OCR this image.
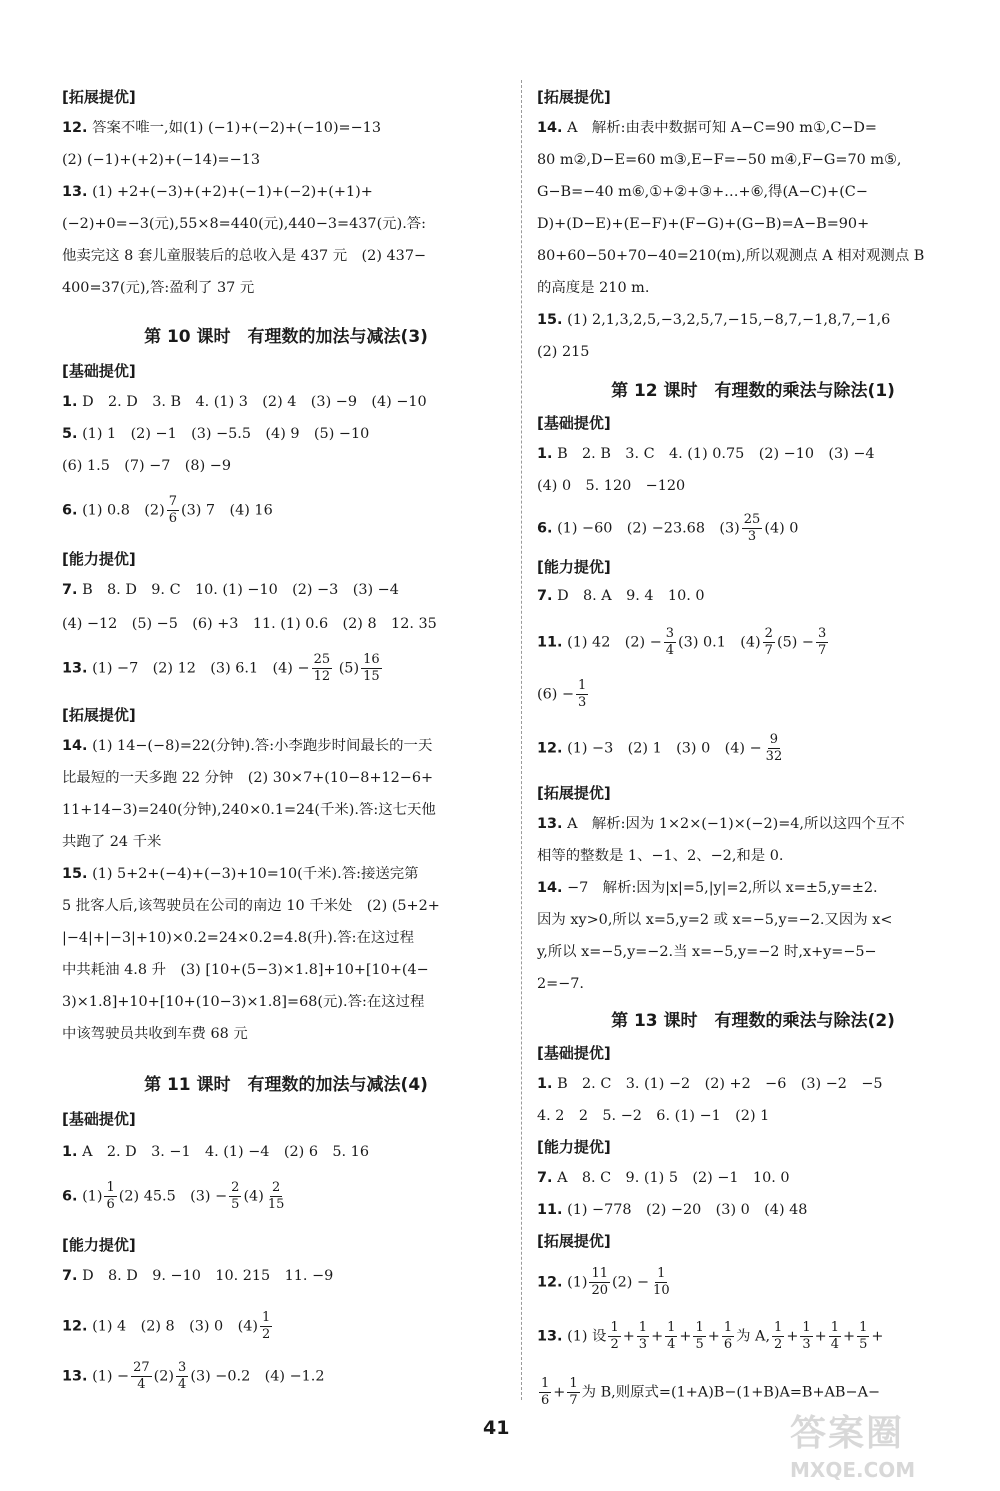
[拓展提优]
12. 答案不唯一,如(1) (−1)+(−2)+(−10)=−13
(2) (−1)+(+2)+(−14)=−13
13. (1) +2+(−3)+(+2)+(−1)+(−2)+(+1)+
(−2)+0=−3(元),55×8=440(元),440−3=437(元).答:
他卖完这 8 套儿童服装后的总收入是 437 元　(2) 437−
400=37(元),答:盈利了 37 元
第 10 课时　有理数的加法与减法(3)
[基础提优]
1. D　2. D　3. B　4. (1) 3　(2) 4　(3) −9　(4) −10
5. (1) 1　(2) −1　(3) −5.5　(4) 9　(5) −10
(6) 1.5　(7) −7　(8) −9
6. (1) 0.8　$(2) \frac{7}{6} (3)$ 7　(4) 16
[能力提优]
7. B　8. D　9. C　10. (1) −10　(2) −3　(3) −4
(4) −12　(5) −5　(6) +3　11. (1) 0.6　(2) 8　12. 35
13. (1) −7　(2) 12　(3) 6.1　$(4) - \frac{25}{12} (5) \frac{16}{15}$
[拓展提优]
14. (1) 14−(−8)=22(分钟).答:小李跑步时间最长的一天
比最短的一天多跑 22 分钟　(2) 30×7+(10−8+12−6+
11+14−3)=240(分钟),240×0.1=24(千米).答:这七天他
共跑了 24 千米
15. (1) 5+2+(−4)+(−3)+10=10(千米).答:接送完第
5 批客人后,该驾驶员在公司的南边 10 千米处　(2) (5+2+
|−4|+|−3|+10)×0.2=24×0.2=4.8(升).答:在这过程
中共耗油 4.8 升　(3) [10+(5−3)×1.8]+10+[10+(4−
3)×1.8]+10+[10+(10−3)×1.8]=68(元).答:在这过程
中该驾驶员共收到车费 68 元
第 11 课时　有理数的加法与减法(4)
[基础提优]
1. A　2. D　3. −1　4. (1) −4　(2) 6　5. 16
6. $(1) \frac{1}{6} (2)$ 45.5　$(3) - \frac{2}{5} (4) \frac{2}{15}$
[能力提优]
7. D　8. D　9. −10　10. 215　11. −9
12. (1) 4　(2) 8　(3) 0　$(4) \frac{1}{2}$
13. $(1) - \frac{27}{4} (2) \frac{3}{4} (3) -0.2$　(4) −1.2
[拓展提优]
14. A　解析:由表中数据可知 A−C=90 m①,C−D=
80 m②,D−E=60 m③,E−F=−50 m④,F−G=70 m⑤,
G−B=−40 m⑥,①+②+③+…+⑥,得(A−C)+(C−
D)+(D−E)+(E−F)+(F−G)+(G−B)=A−B=90+
80+60−50+70−40=210(m),所以观测点 A 相对观测点 B
的高度是 210 m.
15. (1) 2,1,3,2,5,−3,2,5,7,−15,−8,7,−1,8,7,−1,6
(2) 215
第 12 课时　有理数的乘法与除法(1)
[基础提优]
1. B　2. B　3. C　4. (1) 0.75　(2) −10　(3) −4
(4) 0　5. 120　−120
6. (1) −60　(2) −23.68　$(3) \frac{25}{3} (4)$ 0
[能力提优]
7. D　8. A　9. 4　10. 0
11. (1) 42　$(2) - \frac{3}{4} (3)$ 0.1　$(4) \frac{2}{7} (5) - \frac{3}{7}$
$(6) - \frac{1}{3}$
12. (1) −3　(2) 1　(3) 0　$(4) - \frac{9}{32}$
[拓展提优]
13. A　解析:因为 1×2×(−1)×(−2)=4,所以这四个互不
相等的整数是 1、−1、2、−2,和是 0.
14. −7　解析:因为|x|=5,|y|=2,所以 x=±5,y=±2.
因为 xy>0,所以 x=5,y=2 或 x=−5,y=−2.又因为 x<
y,所以 x=−5,y=−2.当 x=−5,y=−2 时,x+y=−5−
2=−7.
第 13 课时　有理数的乘法与除法(2)
[基础提优]
1. B　2. C　3. (1) −2　(2) +2　−6　(3) −2　−5
4. 2　2　5. −2　6. (1) −1　(2) 1
[能力提优]
7. A　8. C　9. (1) 5　(2) −1　10. 0
11. (1) −778　(2) −20　(3) 0　(4) 48
[拓展提优]
12. $(1) \frac{11}{20} (2) - \frac{1}{10}$
13. (1) 设 $\frac{1}{2} + \frac{1}{3} + \frac{1}{4} + \frac{1}{5} + \frac{1}{6}$ 为 A, $\frac{1}{2} + \frac{1}{3} + \frac{1}{4} + \frac{1}{5}$ +
$\frac{1}{6} + \frac{1}{7}$ 为 B,则原式=(1+A)B−(1+B)A=B+AB−A−
41	答案圈
MXQE.COM
